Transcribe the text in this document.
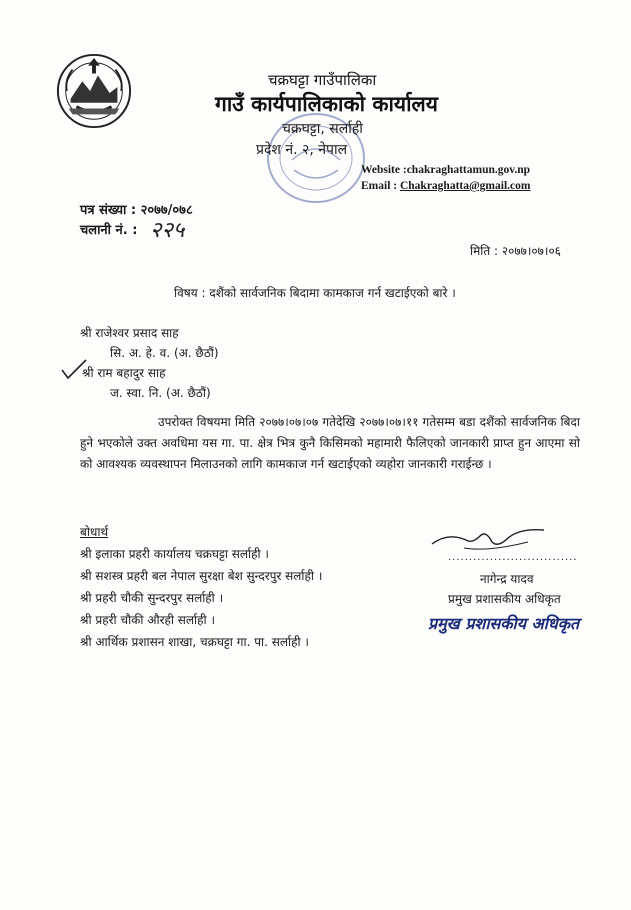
चक्रघट्टा गाउँपालिका
गाउँ कार्यपालिकाको कार्यालय
चक्रघट्टा, सर्लाही
प्रदेश नं. २, नेपाल
Website :chakraghattamun.gov.np
Email : Chakraghatta@gmail.com
पत्र संख्या : २०७७/०७८
चलानी नं. : २२५
मिति : २०७७।०७।०६
विषय : दशैंको सार्वजनिक बिदामा कामकाज गर्न खटाईएको बारे ।
श्री राजेश्वर प्रसाद साह
सि. अ. हे. व. (अ. छैठौं)
श्री राम बहादुर साह
ज. स्वा. नि. (अ. छैठौं)
उपरोक्त विषयमा मिति २०७७।०७।०७ गतेदेखि २०७७।०७।११ गतेसम्म बडा दशैंको सार्वजनिक बिदा हुने भएकोले उक्त अवधिमा यस गा. पा. क्षेत्र भित्र कुनै किसिमको महामारी फैलिएको जानकारी प्राप्त हुन आएमा सो को आवश्यक व्यवस्थापन मिलाउनको लागि कामकाज गर्न खटाईएको व्यहोरा जानकारी गराईन्छ ।
बोधार्थ
श्री इलाका प्रहरी कार्यालय चक्रघट्टा सर्लाही ।
श्री सशस्त्र प्रहरी बल नेपाल सुरक्षा बेश सुन्दरपुर सर्लाही ।
श्री प्रहरी चौकी सुन्दरपुर सर्लाही ।
श्री प्रहरी चौकी औरही सर्लाही ।
श्री आर्थिक प्रशासन शाखा, चक्रघट्टा गा. पा. सर्लाही ।
...............................
नागेन्द्र यादव
प्रमुख प्रशासकीय अधिकृत
प्रमुख प्रशासकीय अधिकृत
